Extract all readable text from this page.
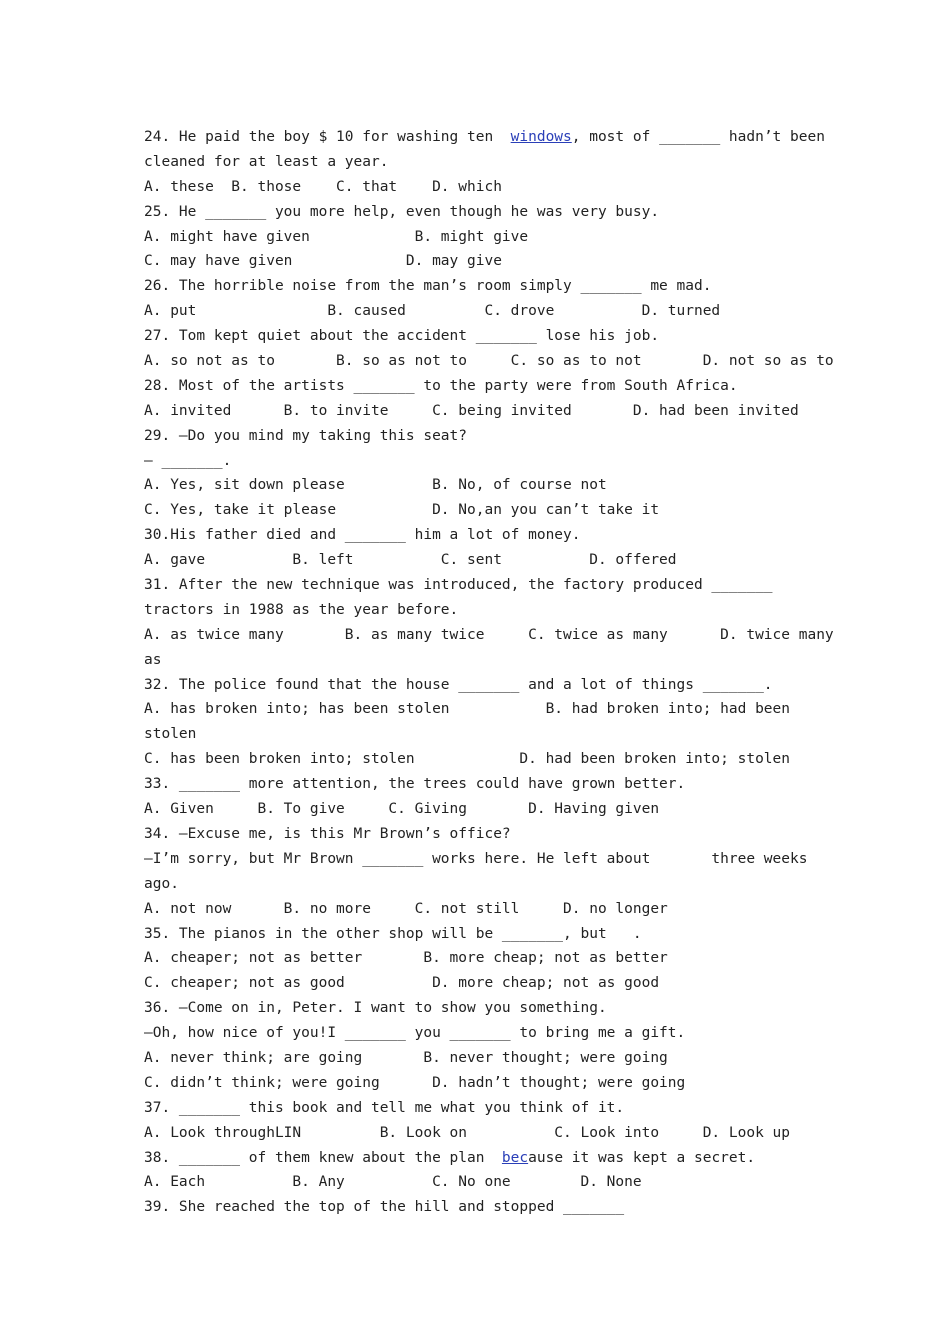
24. He paid the boy $ 10 for washing ten  windows, most of _______ hadn’t been
cleaned for at least a year.
A. these  B. those    C. that    D. which
25. He _______ you more help, even though he was very busy.
A. might have given            B. might give
C. may have given             D. may give
26. The horrible noise from the man’s room simply _______ me mad.
A. put               B. caused         C. drove          D. turned
27. Tom kept quiet about the accident _______ lose his job.
A. so not as to       B. so as not to     C. so as to not       D. not so as to
28. Most of the artists _______ to the party were from South Africa.
A. invited      B. to invite     C. being invited       D. had been invited
29. —Do you mind my taking this seat?
— _______.
A. Yes, sit down please          B. No, of course not
C. Yes, take it please           D. No,an you can’t take it
30.His father died and _______ him a lot of money.
A. gave          B. left          C. sent          D. offered
31. After the new technique was introduced, the factory produced _______
tractors in 1988 as the year before.
A. as twice many       B. as many twice     C. twice as many      D. twice many
as
32. The police found that the house _______ and a lot of things _______.
A. has broken into; has been stolen           B. had broken into; had been
stolen
C. has been broken into; stolen            D. had been broken into; stolen
33. _______ more attention, the trees could have grown better.
A. Given     B. To give     C. Giving       D. Having given
34. —Excuse me, is this Mr Brown’s office?
—I’m sorry, but Mr Brown _______ works here. He left about       three weeks
ago.
A. not now      B. no more     C. not still     D. no longer
35. The pianos in the other shop will be _______, but   .
A. cheaper; not as better       B. more cheap; not as better
C. cheaper; not as good          D. more cheap; not as good
36. —Come on in, Peter. I want to show you something.
—Oh, how nice of you!I _______ you _______ to bring me a gift.
A. never think; are going       B. never thought; were going
C. didn’t think; were going      D. hadn’t thought; were going
37. _______ this book and tell me what you think of it.
A. Look throughLIN         B. Look on          C. Look into     D. Look up
38. _______ of them knew about the plan  because it was kept a secret.
A. Each          B. Any          C. No one        D. None
39. She reached the top of the hill and stopped _______
